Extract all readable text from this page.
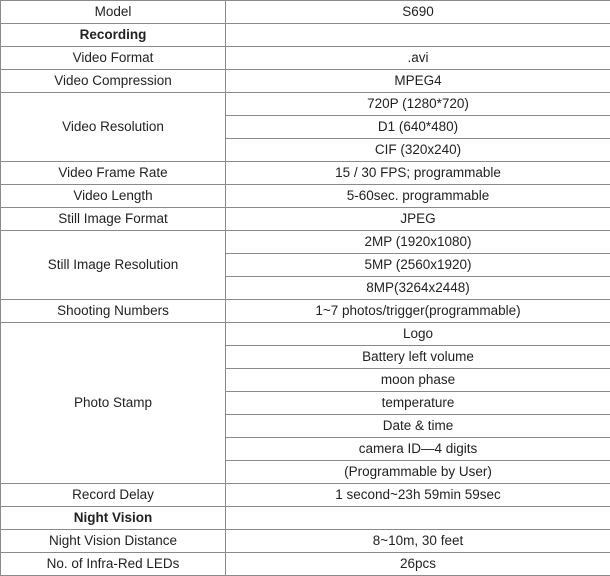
Model	S690
Recording	
Video Format	.avi
Video Compression	MPEG4
Video Resolution	720P (1280*720)
	D1 (640*480)
	CIF (320x240)
Video Frame Rate	15 / 30 FPS; programmable
Video Length	5-60sec. programmable
Still Image Format	JPEG
Still Image Resolution	2MP (1920x1080)
	5MP (2560x1920)
	8MP(3264x2448)
Shooting Numbers	1~7 photos/trigger(programmable)
Photo Stamp	Logo
	Battery left volume
	moon phase
	temperature
	Date & time
	camera ID—4 digits
	(Programmable by User)
Record Delay	1 second~23h 59min 59sec
Night Vision	
Night Vision Distance	8~10m, 30 feet
No. of Infra-Red LEDs	26pcs
